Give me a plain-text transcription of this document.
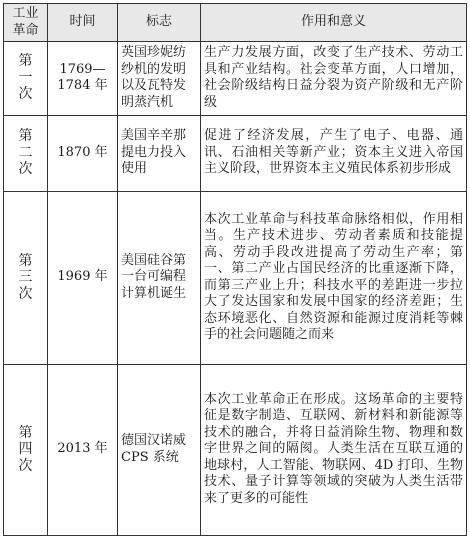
工业革命	时间	标志	作用和意义
第一次	1769—1784 年	英国珍妮纺纱机的发明以及瓦特发明蒸汽机	生产力发展方面，改变了生产技术、劳动工具和产业结构。社会变革方面，人口增加，社会阶级结构日益分裂为资产阶级和无产阶级
第二次	1870 年	美国辛辛那提电力投入使用	促进了经济发展，产生了电子、电器、通讯、石油相关等新产业；资本主义进入帝国主义阶段，世界资本主义殖民体系初步形成
第三次	1969 年	美国硅谷第一台可编程计算机诞生	本次工业革命与科技革命脉络相似，作用相当。生产技术进步、劳动者素质和技能提高、劳动手段改进提高了劳动生产率；第一、第二产业占国民经济的比重逐渐下降，而第三产业上升；科技水平的差距进一步拉大了发达国家和发展中国家的经济差距；生态环境恶化、自然资源和能源过度消耗等棘手的社会问题随之而来
第四次	2013 年	德国汉诺威 CPS 系统	本次工业革命正在形成。这场革命的主要特征是数字制造、互联网、新材料和新能源等技术的融合，并将日益消除生物、物理和数字世界之间的隔阂。人类生活在互联互通的地球村，人工智能、物联网、4D 打印、生物技术、量子计算等领域的突破为人类生活带来了更多的可能性
